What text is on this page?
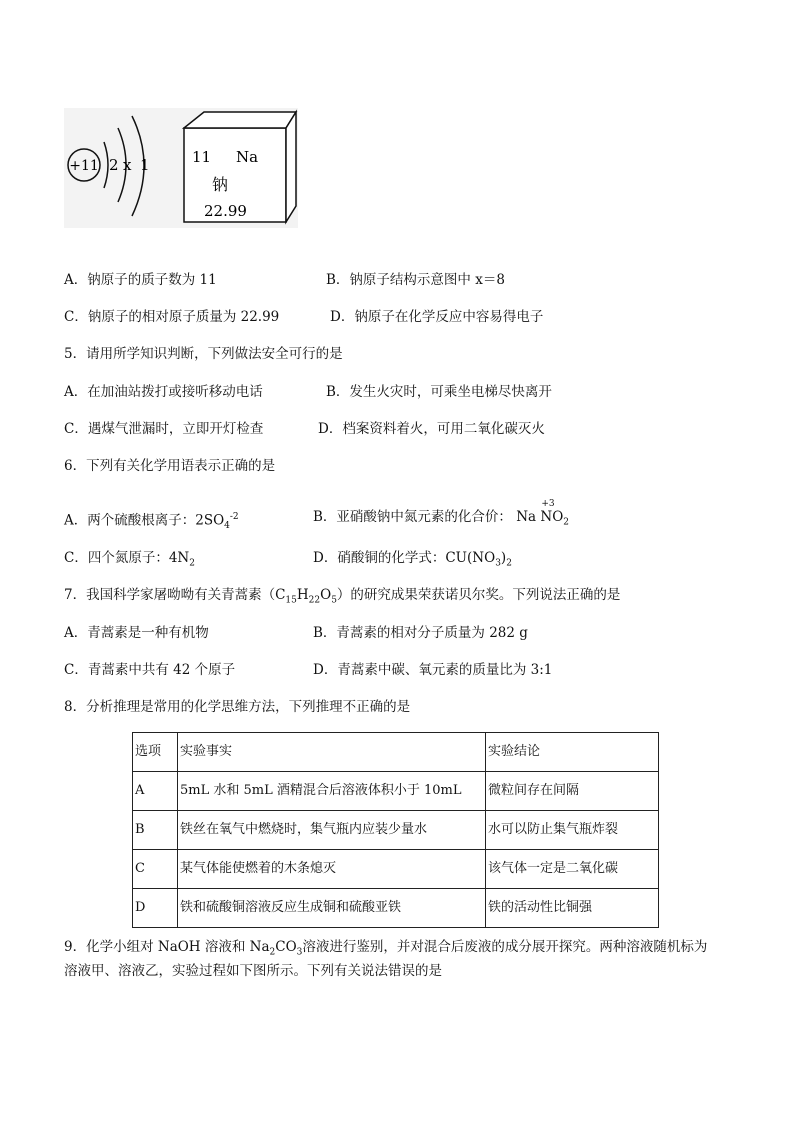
+11 2 x 1	11 Na
钠
22.99
A．钠原子的质子数为 11	B．钠原子结构示意图中 x＝8
C．钠原子的相对原子质量为 22.99	D．钠原子在化学反应中容易得电子
5．请用所学知识判断，下列做法安全可行的是
A．在加油站拨打或接听移动电话	B．发生火灾时，可乘坐电梯尽快离开
C．遇煤气泄漏时，立即开灯检查	D．档案资料着火，可用二氧化碳灭火
6．下列有关化学用语表示正确的是
A．两个硫酸根离子：$2SO_4^{-2}$	B．亚硝酸钠中氮元素的化合价： Na
+3
$NO_2$
C．四个氮原子：$4N_2$	D．硝酸铜的化学式：$CU(NO_3)_2$
7．我国科学家屠呦呦有关青蒿素$(C_{15}H_{22}O_5)$的研究成果荣获诺贝尔奖。下列说法正确的是
A．青蒿素是一种有机物	B．青蒿素的相对分子质量为 282 g
C．青蒿素中共有 42 个原子	D．青蒿素中碳、氧元素的质量比为 3:1
8．分析推理是常用的化学思维方法，下列推理不正确的是
选项	实验事实	实验结论
A	5mL 水和 5mL 酒精混合后溶液体积小于 10mL	微粒间存在间隔
B	铁丝在氧气中燃烧时，集气瓶内应装少量水	水可以防止集气瓶炸裂
C	某气体能使燃着的木条熄灭	该气体一定是二氧化碳
D	铁和硫酸铜溶液反应生成铜和硫酸亚铁	铁的活动性比铜强
9．化学小组对 NaOH 溶液和 $Na_2CO_3$溶液进行鉴别，并对混合后废液的成分展开探究。两种溶液随机标为
溶液甲、溶液乙，实验过程如下图所示。下列有关说法错误的是
